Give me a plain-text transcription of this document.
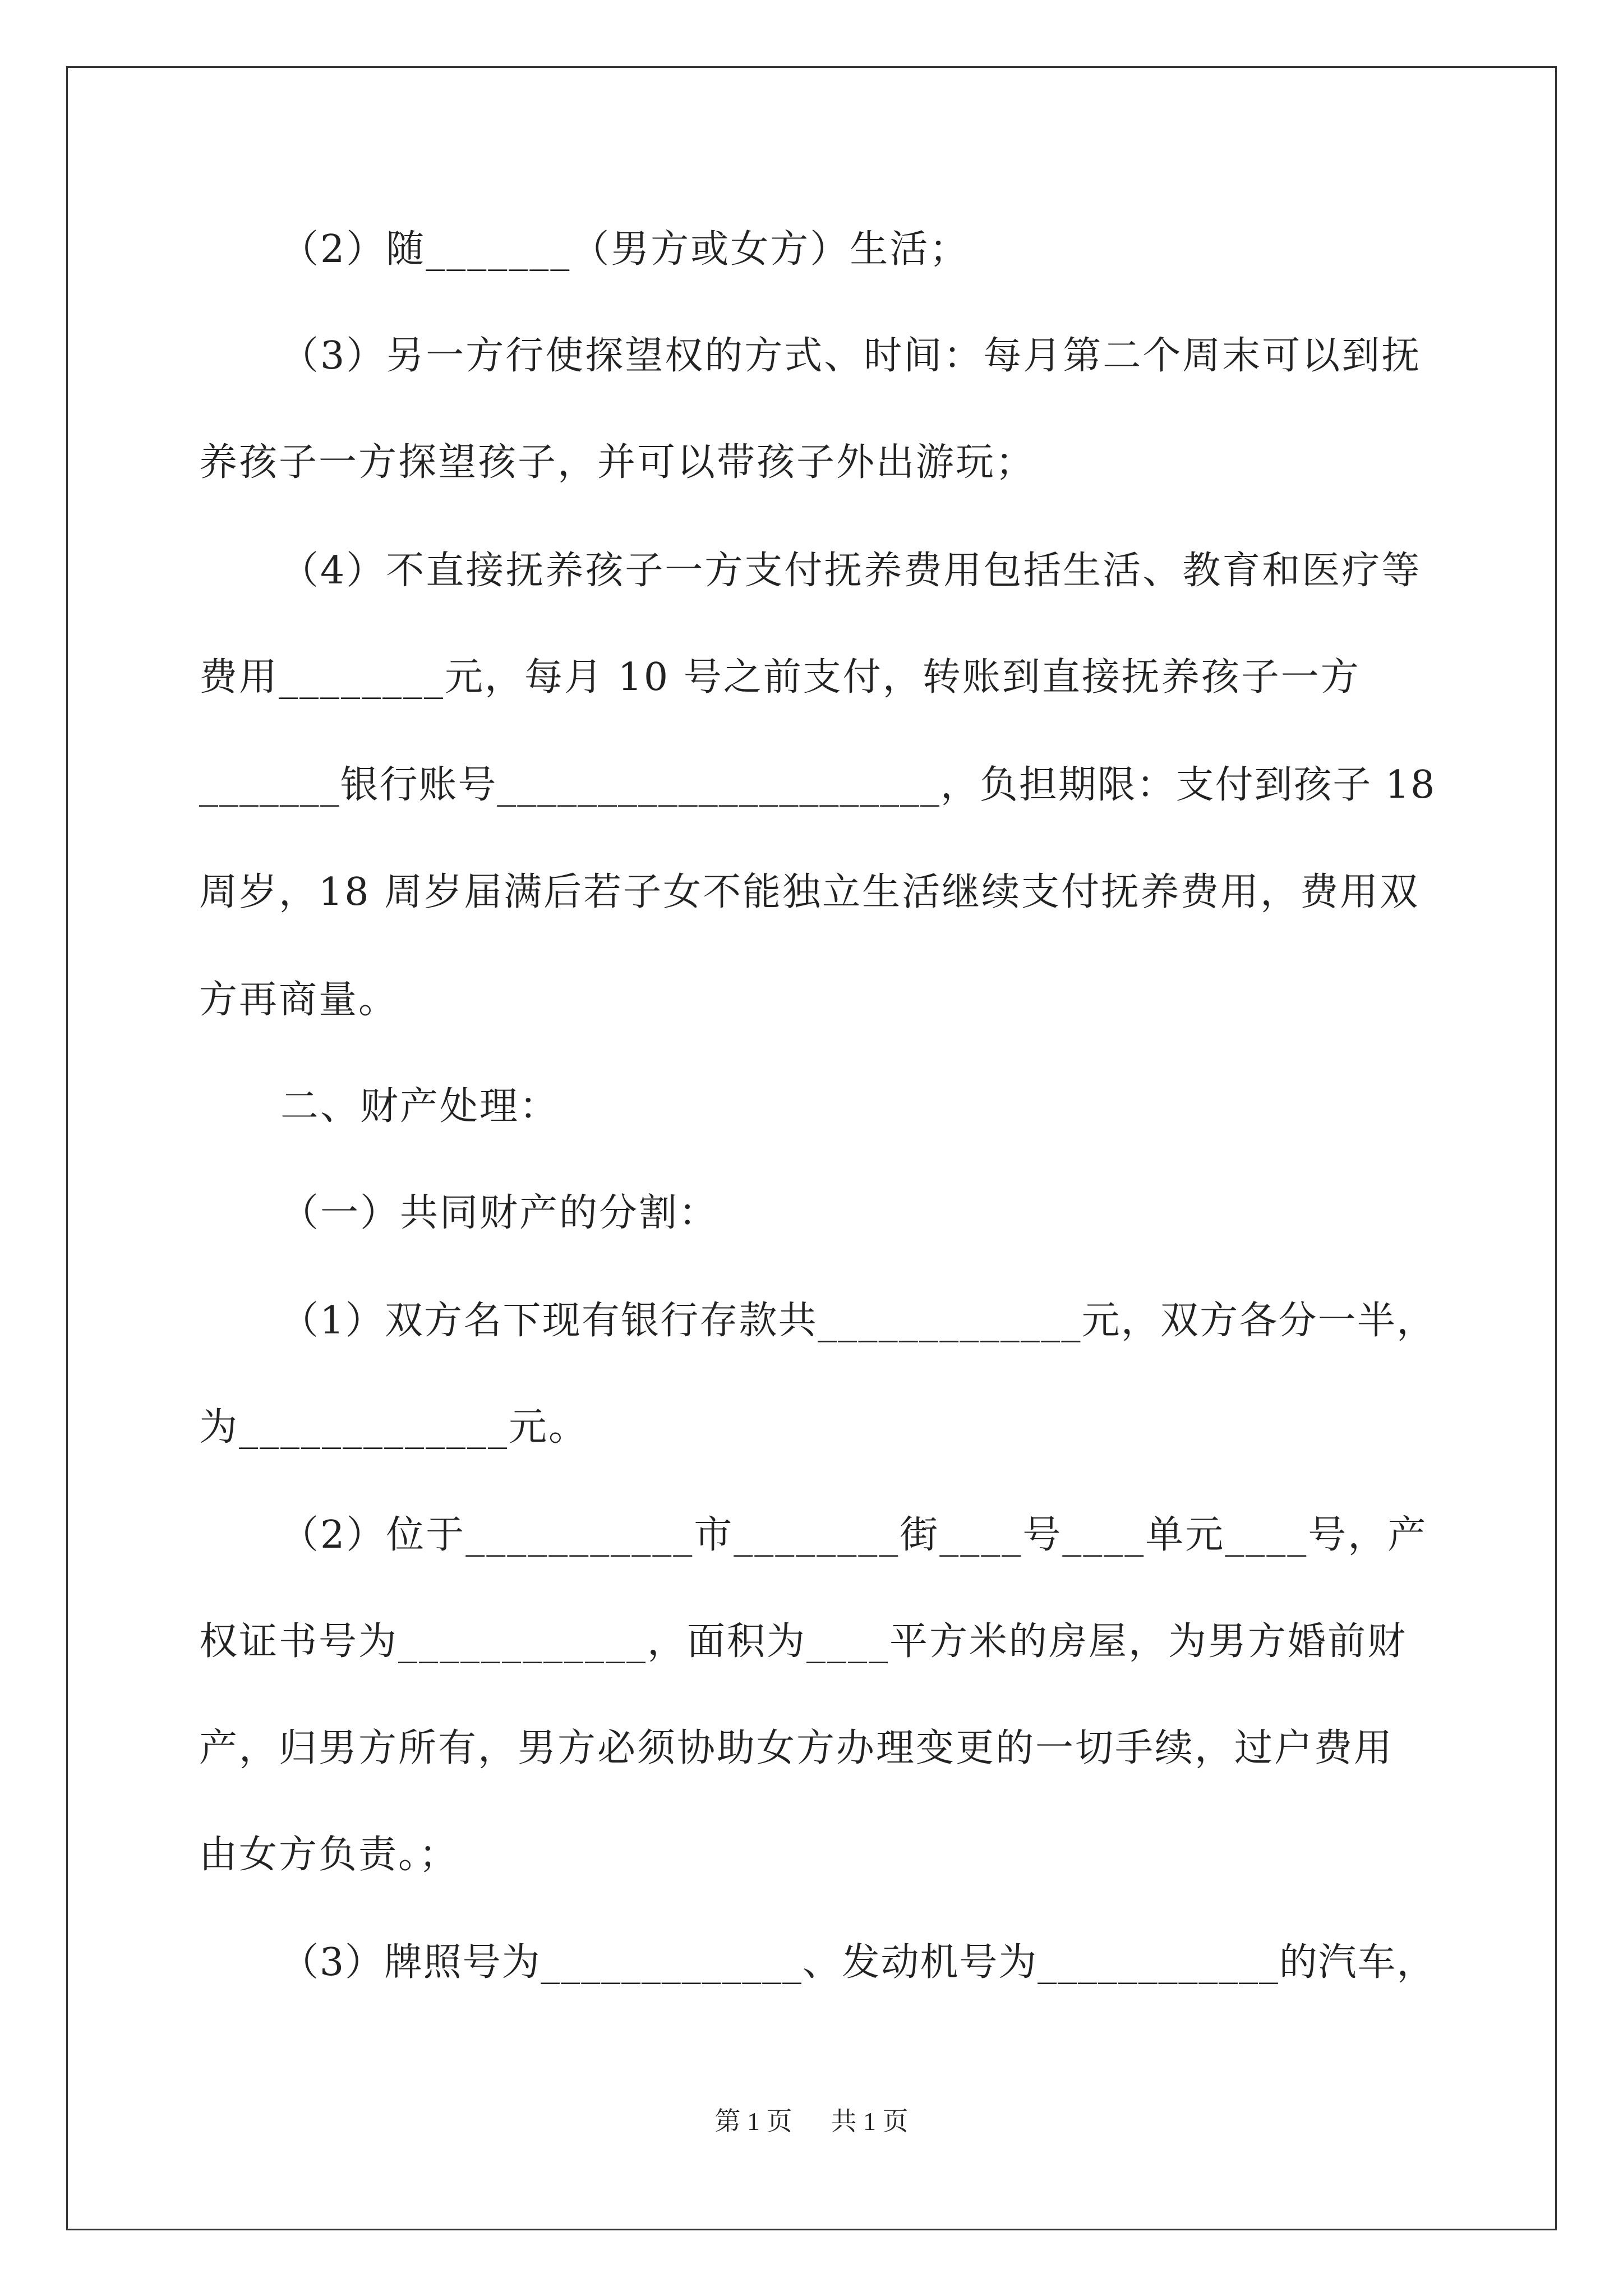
（2）随_______（男方或女方）生活；

（3）另一方行使探望权的方式、时间：每月第二个周末可以到抚

养孩子一方探望孩子，并可以带孩子外出游玩；

（4）不直接抚养孩子一方支付抚养费用包括生活、教育和医疗等

费用________元，每月 10 号之前支付，转账到直接抚养孩子一方

_______银行账号______________________，负担期限：支付到孩子 18

周岁，18 周岁届满后若子女不能独立生活继续支付抚养费用，费用双

方再商量。

二、财产处理：

（一）共同财产的分割：

（1）双方名下现有银行存款共_____________元，双方各分一半，

为_____________元。

（2）位于___________市________街____号____单元____号，产

权证书号为____________，面积为____平方米的房屋，为男方婚前财

产，归男方所有，男方必须协助女方办理变更的一切手续，过户费用

由女方负责。；

（3）牌照号为_____________、发动机号为____________的汽车，

第 1 页 共 1 页
